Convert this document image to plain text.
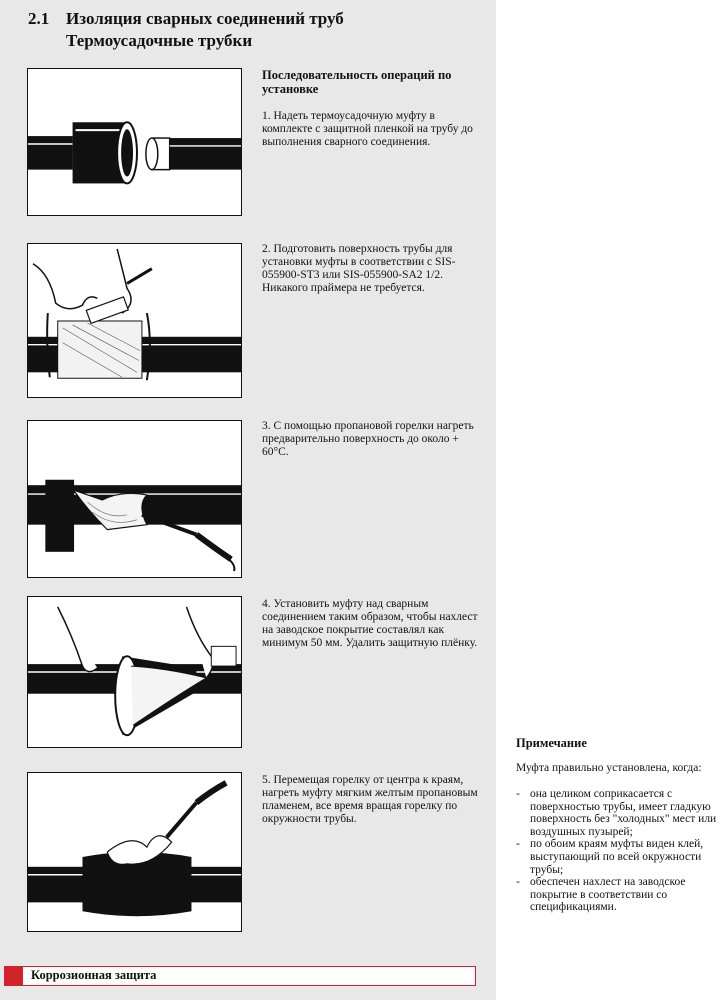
2.1 Изоляция сварных соединений труб
Термоусадочные трубки
Последовательность операций по установке
1. Надеть термоусадочную муфту в комплекте с защитной пленкой на трубу до выполнения сварного соединения.
2. Подготовить поверхность трубы для установки муфты в соответствии с SIS-055900-ST3 или SIS-055900-SA2 1/2. Никакого праймера не требуется.
3. С помощью пропановой горелки нагреть предварительно поверхность до около + 60°C.
4. Установить муфту над сварным соединением таким образом, чтобы нахлест на заводское покрытие составлял как минимум 50 мм. Удалить защитную плёнку.
5. Перемещая горелку от центра к краям, нагреть муфту мягким желтым пропановым пламенем, все время вращая горелку по окружности трубы.
Примечание
Муфта правильно установлена, когда:
- она целиком соприкасается с поверхностью трубы, имеет гладкую поверхность без "холодных" мест или воздушных пузырей;
- по обоим краям муфты виден клей, выступающий по всей окружности трубы;
- обеспечен нахлест на заводское покрытие в соответствии со спецификациями.
Коррозионная защита
